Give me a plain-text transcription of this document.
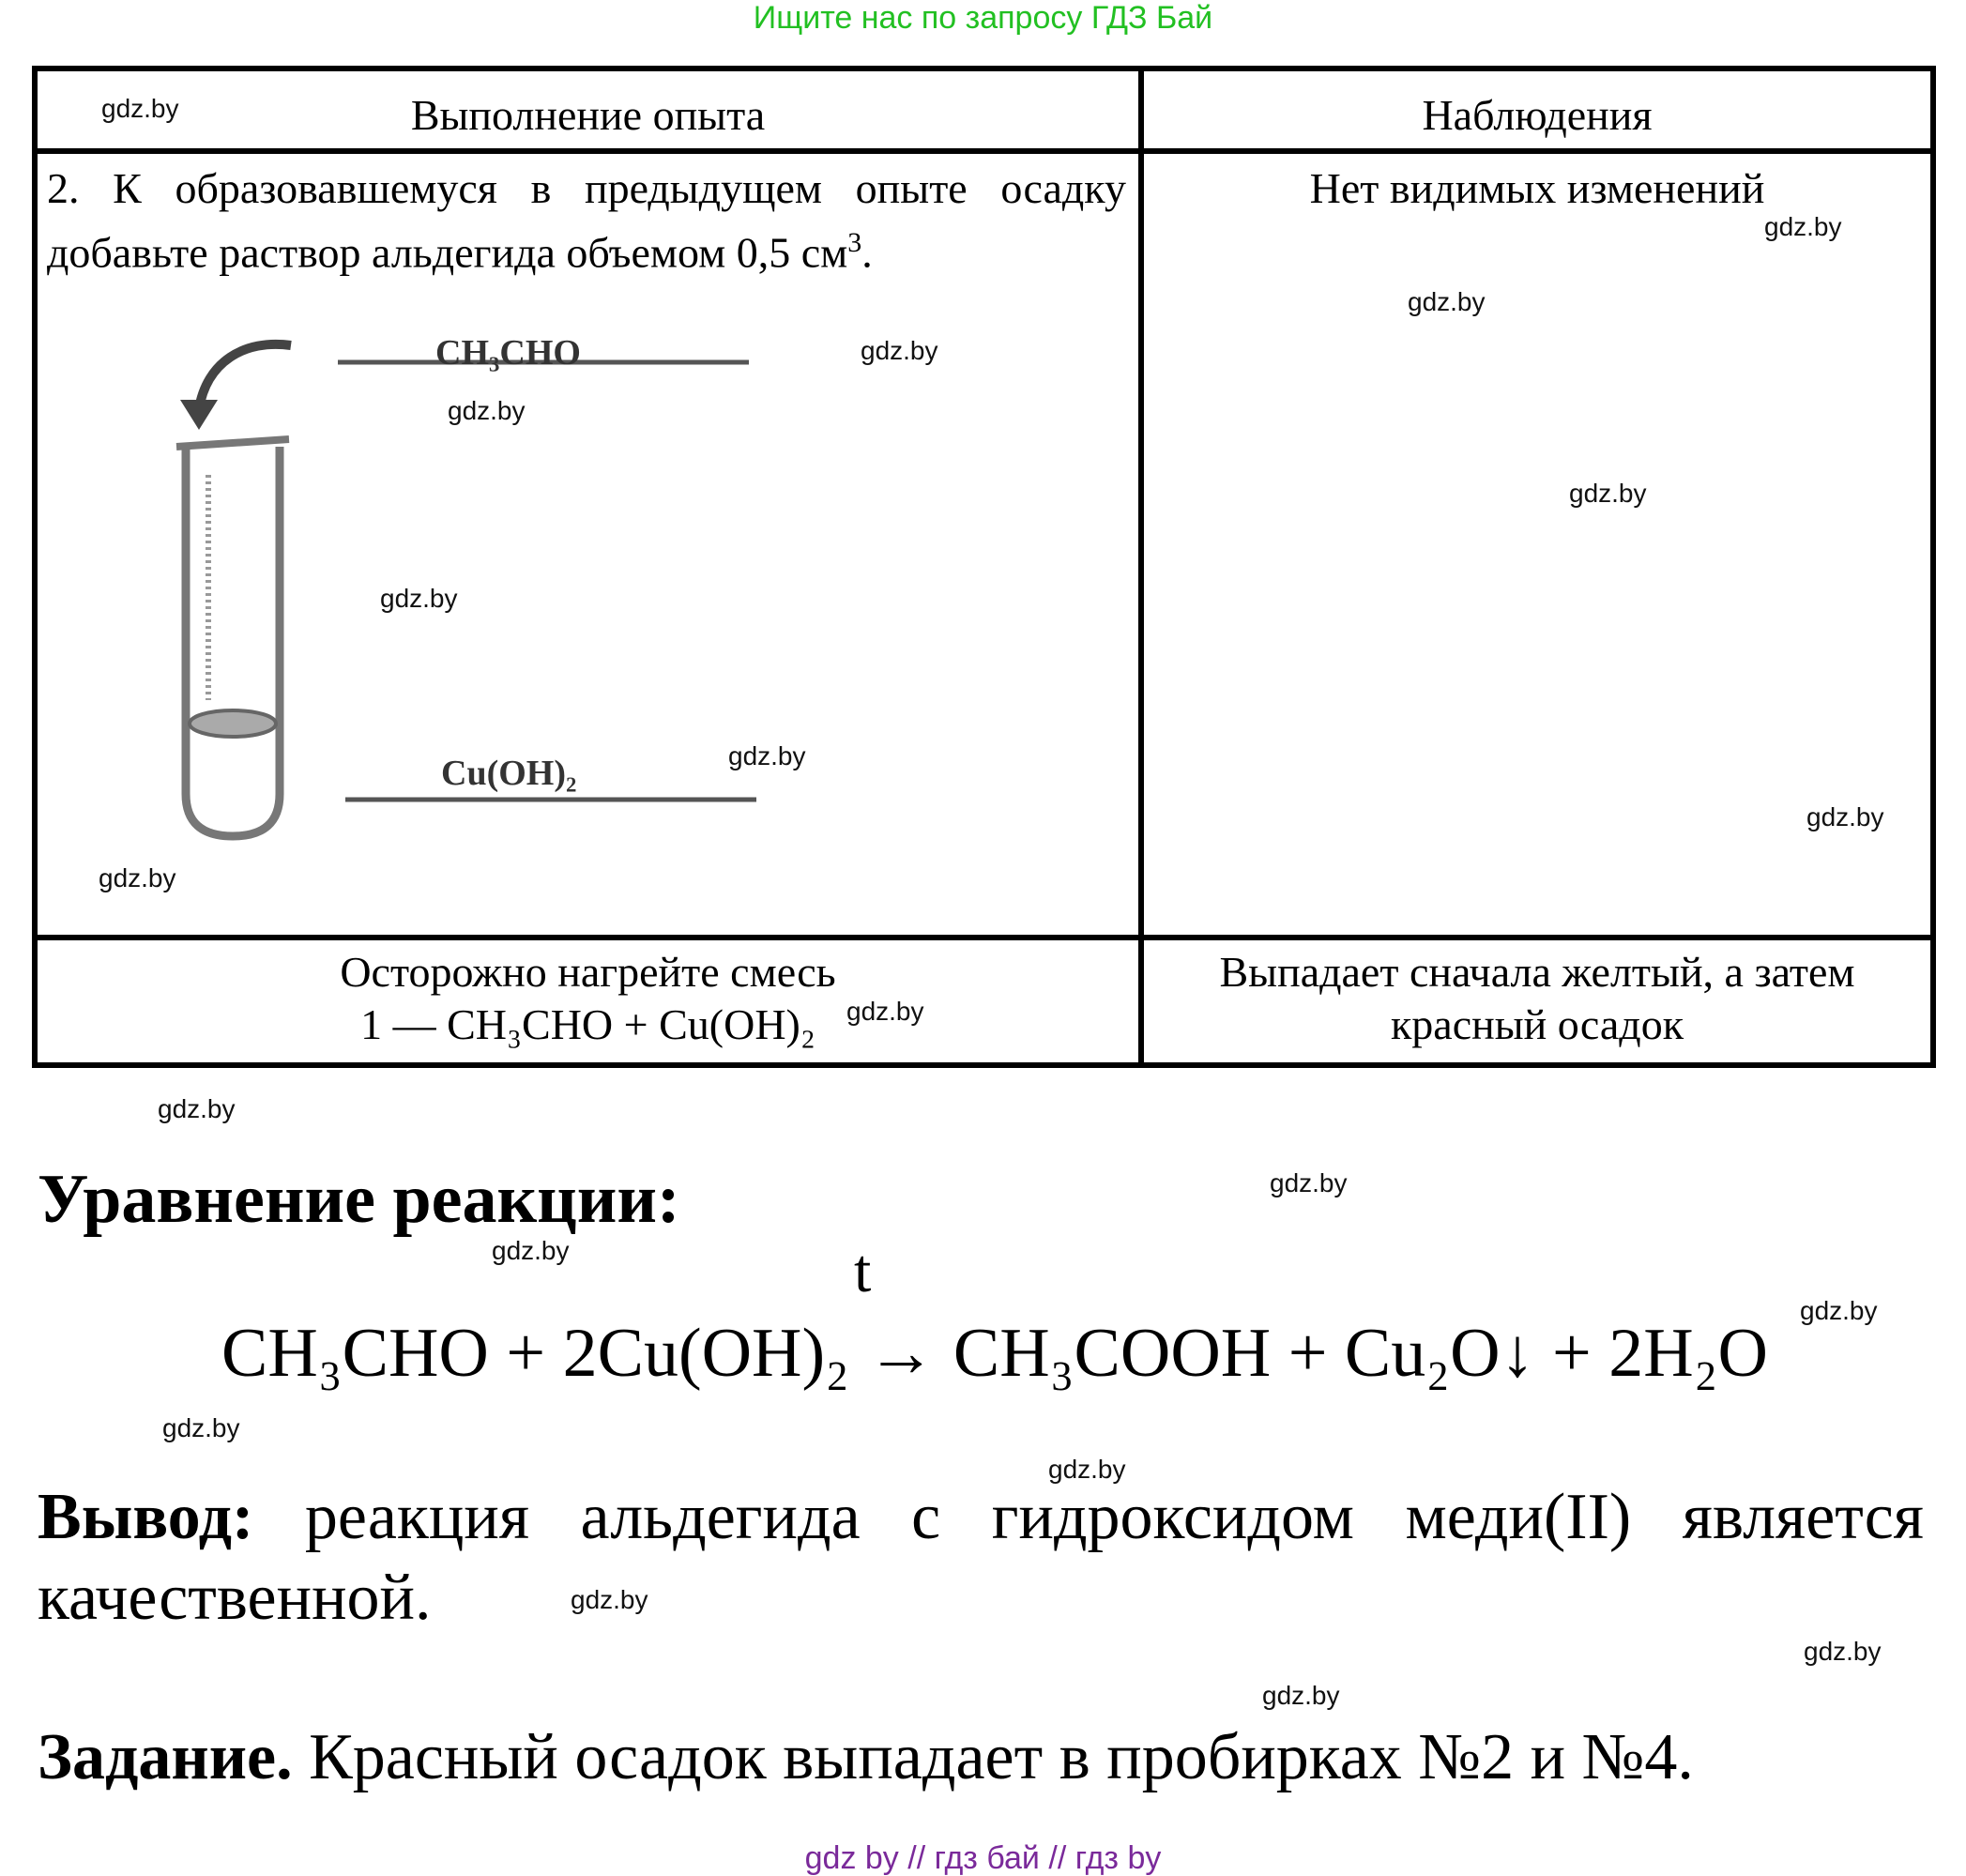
Ищите нас по запросу ГДЗ Бай
Выполнение опыта	Наблюдения
2. К образовавшемуся в предыдущем опыте осадку добавьте раствор альдегида объемом 0,5 $см^3$.
Нет видимых изменений
CH₃CHO
Cu(OH)₂
Осторожно нагрейте смесь
1 — CH₃CHO + Cu(OH)₂
Выпадает сначала желтый, а затем
красный осадок
Уравнение реакции:
t
CH₃CHO + 2Cu(OH)₂ → CH₃COOH + Cu₂O↓ + 2H₂O
Вывод: реакция альдегида с гидроксидом меди(II) является качественной.
Задание. Красный осадок выпадает в пробирках №2 и №4.
gdz.by
gdz.by
gdz.by
gdz.by
gdz.by
gdz.by
gdz.by
gdz.by
gdz.by
gdz.by
gdz.by
gdz.by
gdz.by
gdz.by
gdz.by
gdz.by
gdz.by
gdz.by
gdz.by
gdz.by
gdz by // гдз бай // гдз by
